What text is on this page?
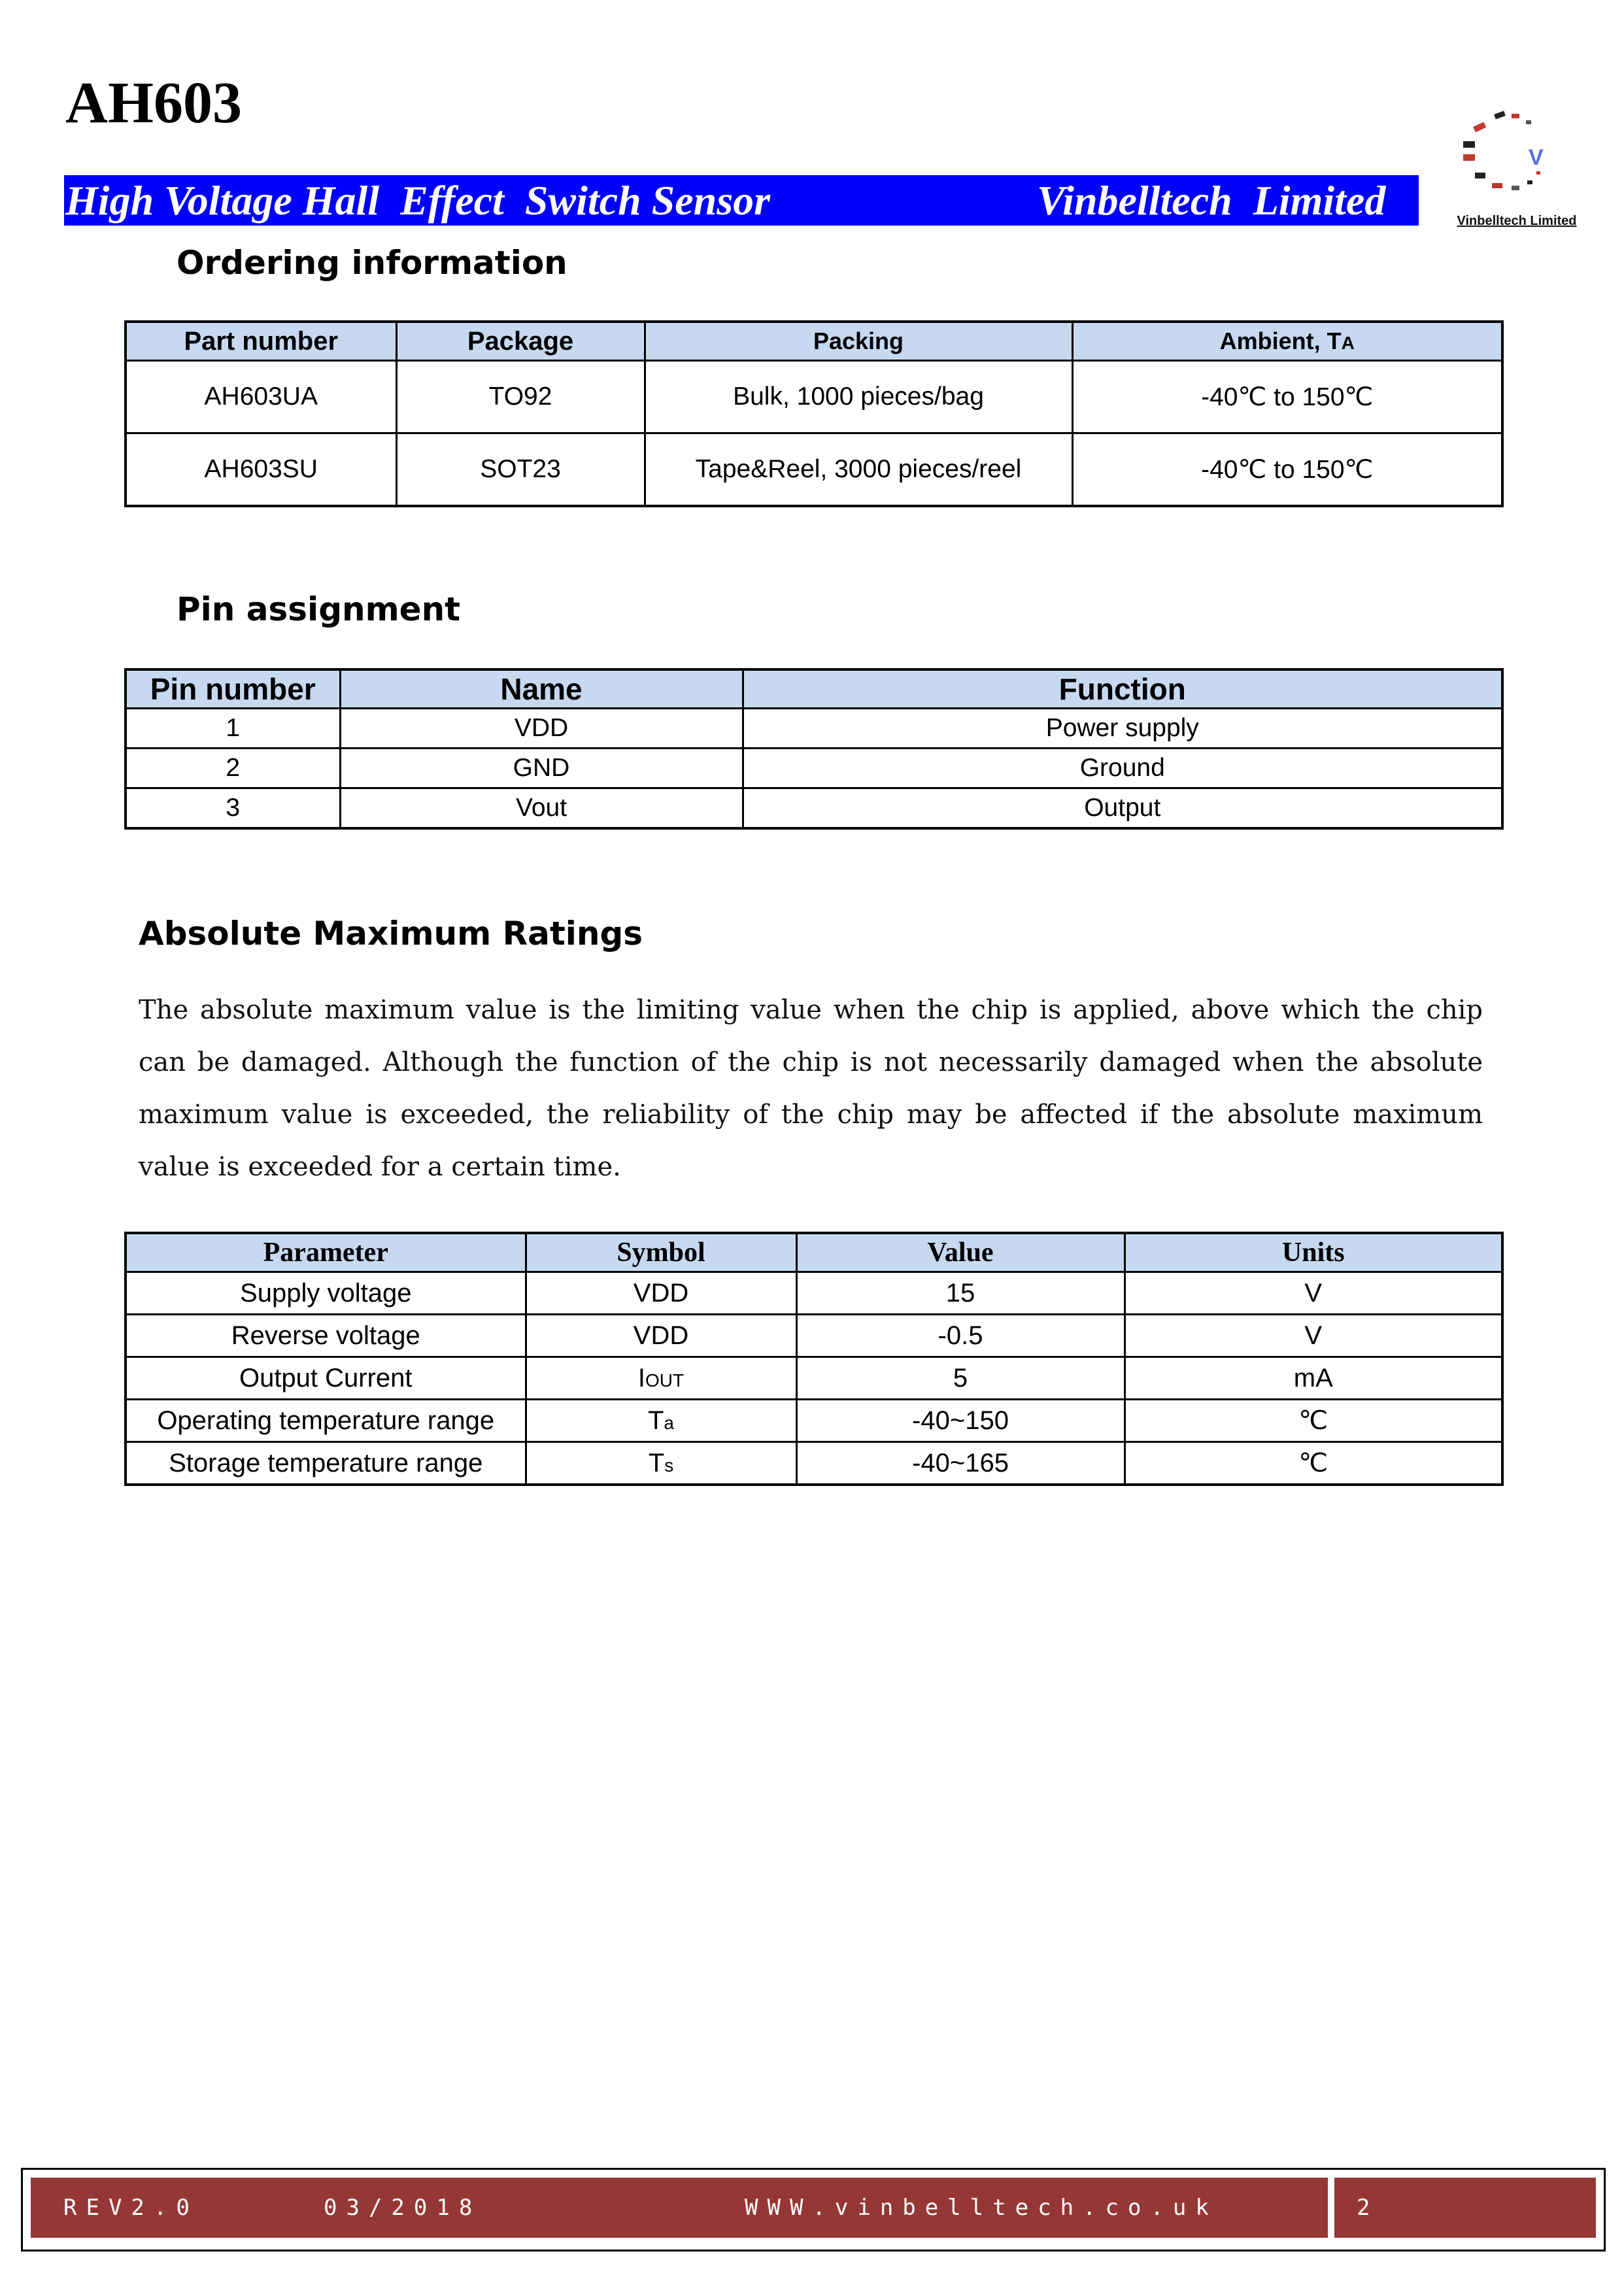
AH603
High Voltage Hall  Effect  Switch Sensor	Vinbelltech  Limited
V
Vinbelltech Limited
Ordering information
Part number	Package	Packing	Ambient, TA
AH603UA	TO92	Bulk, 1000 pieces/bag	-40℃ to 150℃
AH603SU	SOT23	Tape&Reel, 3000 pieces/reel	-40℃ to 150℃
Pin assignment
Pin number	Name	Function
1	VDD	Power supply
2	GND	Ground
3	Vout	Output
Absolute Maximum Ratings

The absolute maximum value is the limiting value when the chip is applied, above which the chip can be damaged. Although the function of the chip is not necessarily damaged when the absolute maximum value is exceeded, the reliability of the chip may be affected if the absolute maximum value is exceeded for a certain time.

Parameter	Symbol	Value	Units
Supply voltage	VDD	15	V
Reverse voltage	VDD	-0.5	V
Output Current	IOUT	5	mA
Operating temperature range	Ta	-40~150	℃
Storage temperature range	Ts	-40~165	℃
REV2.0	03/2018	WWW.vinbelltech.co.uk	2
